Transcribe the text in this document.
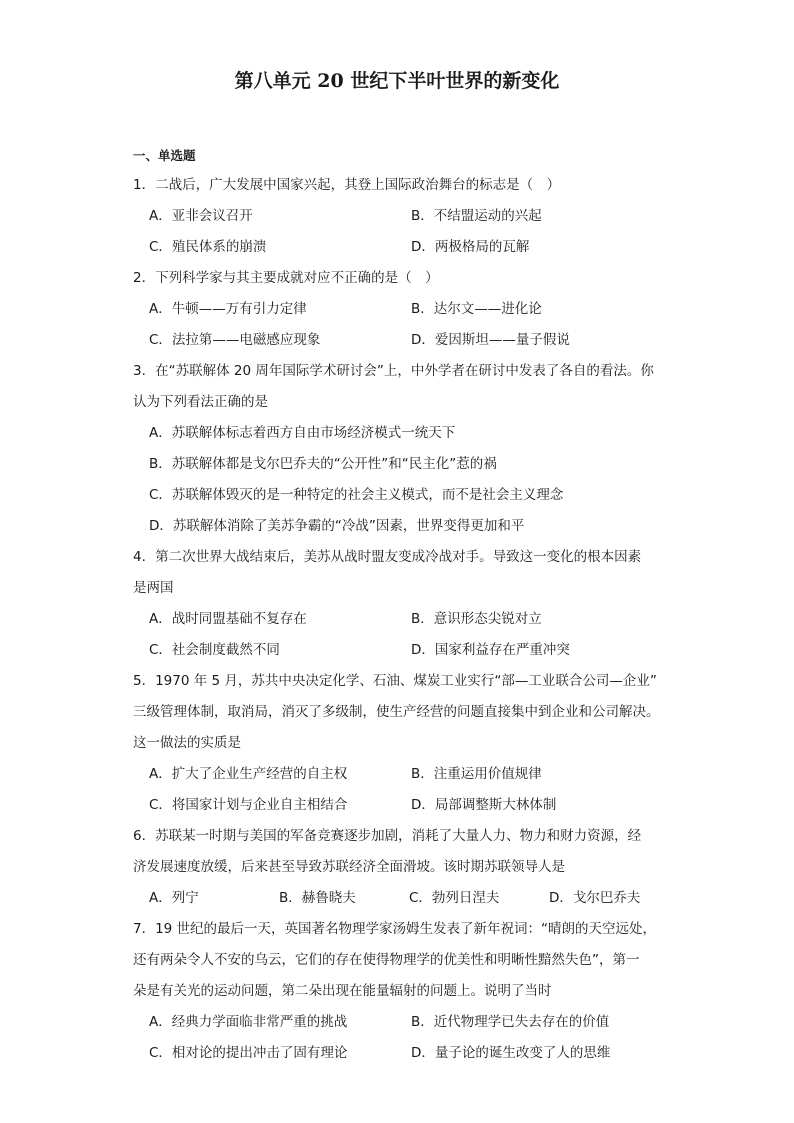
第八单元 20 世纪下半叶世界的新变化
一、单选题

1．二战后，广大发展中国家兴起，其登上国际政治舞台的标志是（　）

A．亚非会议召开	B．不结盟运动的兴起
C．殖民体系的崩溃	D．两极格局的瓦解

2．下列科学家与其主要成就对应不正确的是（　）

A．牛顿——万有引力定律	B．达尔文——进化论
C．法拉第——电磁感应现象	D．爱因斯坦——量子假说

3．在“苏联解体 20 周年国际学术研讨会”上，中外学者在研讨中发表了各自的看法。你

认为下列看法正确的是

A．苏联解体标志着西方自由市场经济模式一统天下
B．苏联解体都是戈尔巴乔夫的“公开性”和“民主化”惹的祸
C．苏联解体毁灭的是一种特定的社会主义模式，而不是社会主义理念
D．苏联解体消除了美苏争霸的“冷战”因素，世界变得更加和平

4．第二次世界大战结束后，美苏从战时盟友变成冷战对手。导致这一变化的根本因素

是两国

A．战时同盟基础不复存在	B．意识形态尖锐对立
C．社会制度截然不同	D．国家利益存在严重冲突

5．1970 年 5 月，苏共中央决定化学、石油、煤炭工业实行“部—工业联合公司—企业”

三级管理体制，取消局，消灭了多级制，使生产经营的问题直接集中到企业和公司解决。

这一做法的实质是

A．扩大了企业生产经营的自主权	B．注重运用价值规律
C．将国家计划与企业自主相结合	D．局部调整斯大林体制

6．苏联某一时期与美国的军备竞赛逐步加剧，消耗了大量人力、物力和财力资源，经

济发展速度放缓，后来甚至导致苏联经济全面滑坡。该时期苏联领导人是

A．列宁	B．赫鲁晓夫	C．勃列日涅夫	D．戈尔巴乔夫

7．19 世纪的最后一天，英国著名物理学家汤姆生发表了新年祝词：“晴朗的天空远处，

还有两朵令人不安的乌云，它们的存在使得物理学的优美性和明晰性黯然失色”，第一

朵是有关光的运动问题，第二朵出现在能量辐射的问题上。说明了当时

A．经典力学面临非常严重的挑战	B．近代物理学已失去存在的价值
C．相对论的提出冲击了固有理论	D．量子论的诞生改变了人的思维
